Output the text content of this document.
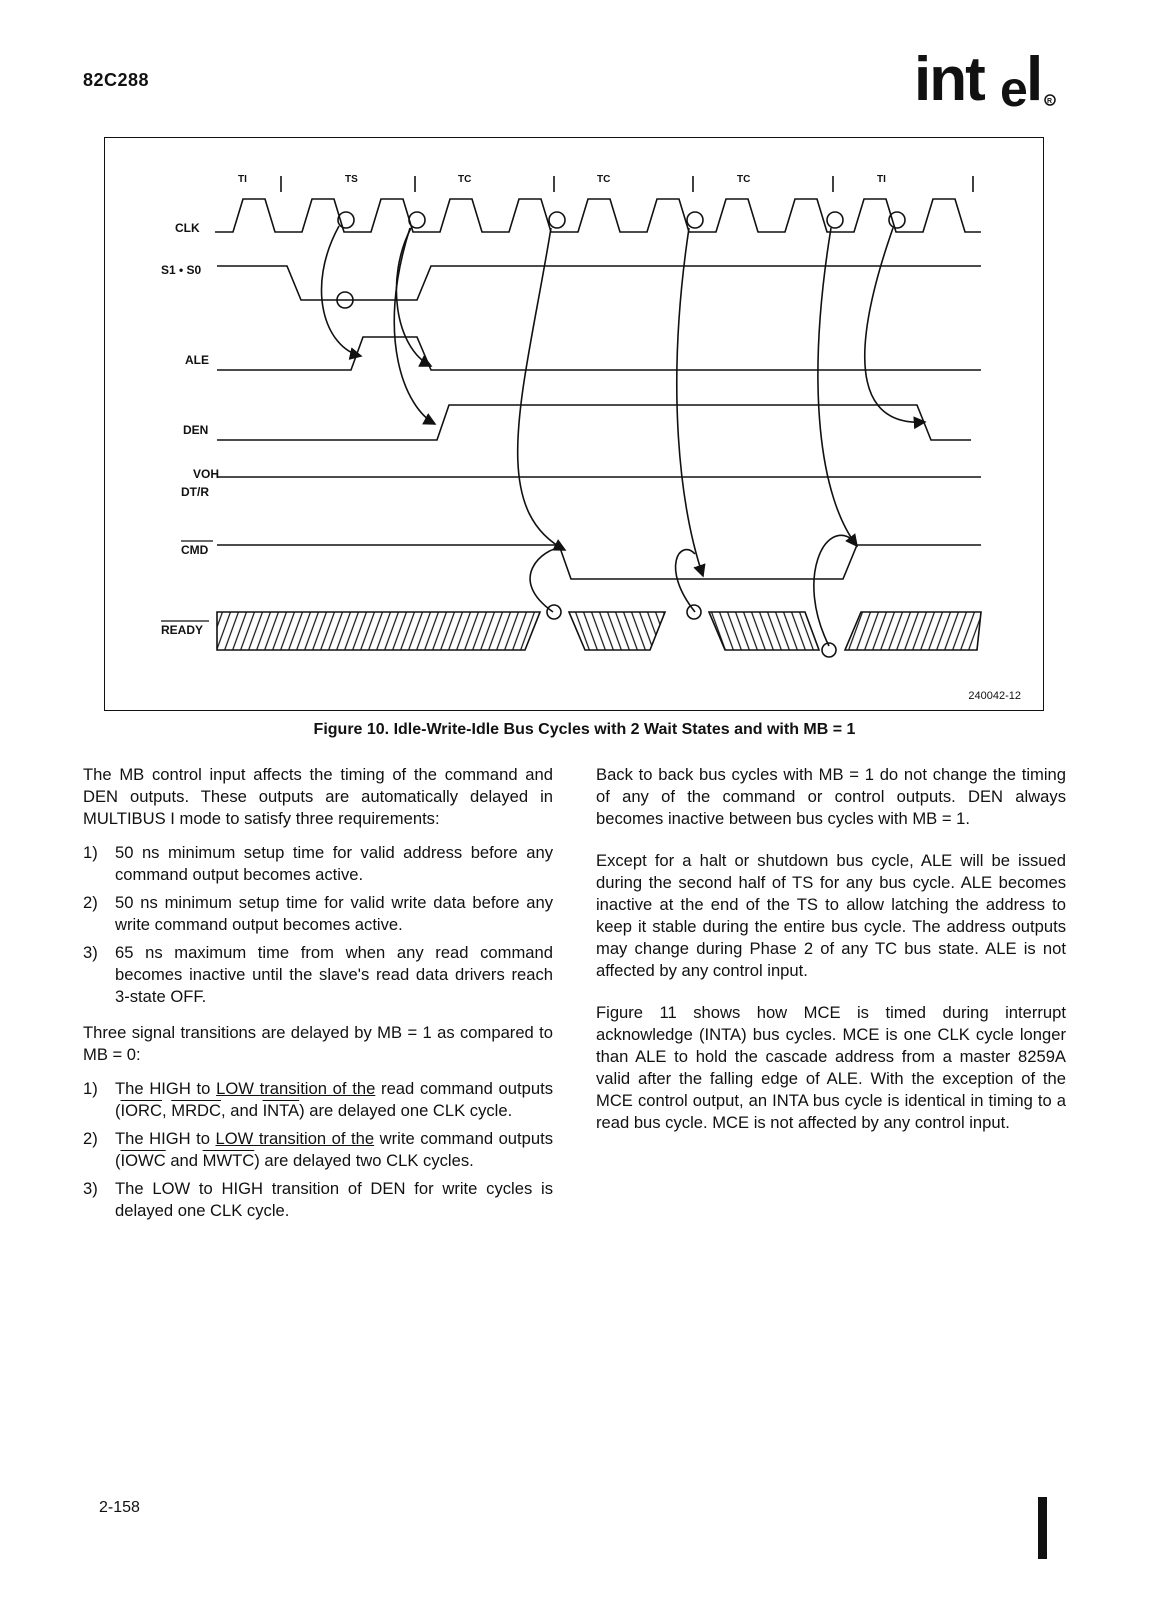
82C288	int e
l R
CLK
S1 • S0
ALE
DEN
VOH
DT/R
CMD
READY
TI	TS	TC	TC	TC	TI
240042-12
Figure 10. Idle-Write-Idle Bus Cycles with 2 Wait States and with MB = 1

The MB control input affects the timing of the command and DEN outputs. These outputs are automatically delayed in MULTIBUS I mode to satisfy three requirements:

1) 50 ns minimum setup time for valid address before any command output becomes active.
2) 50 ns minimum setup time for valid write data before any write command output becomes active.
3) 65 ns maximum time from when any read command becomes inactive until the slave's read data drivers reach 3-state OFF.

Three signal transitions are delayed by MB = 1 as compared to MB = 0:

1) The HIGH to LOW transition of the read command outputs (IORC, MRDC, and INTA) are delayed one CLK cycle.
2) The HIGH to LOW transition of the write command outputs (IOWC and MWTC) are delayed two CLK cycles.
3) The LOW to HIGH transition of DEN for write cycles is delayed one CLK cycle.

Back to back bus cycles with MB = 1 do not change the timing of any of the command or control outputs. DEN always becomes inactive between bus cycles with MB = 1.

Except for a halt or shutdown bus cycle, ALE will be issued during the second half of TS for any bus cycle. ALE becomes inactive at the end of the TS to allow latching the address to keep it stable during the entire bus cycle. The address outputs may change during Phase 2 of any TC bus state. ALE is not affected by any control input.

Figure 11 shows how MCE is timed during interrupt acknowledge (INTA) bus cycles. MCE is one CLK cycle longer than ALE to hold the cascade address from a master 8259A valid after the falling edge of ALE. With the exception of the MCE control output, an INTA bus cycle is identical in timing to a read bus cycle. MCE is not affected by any control input.

2-158
